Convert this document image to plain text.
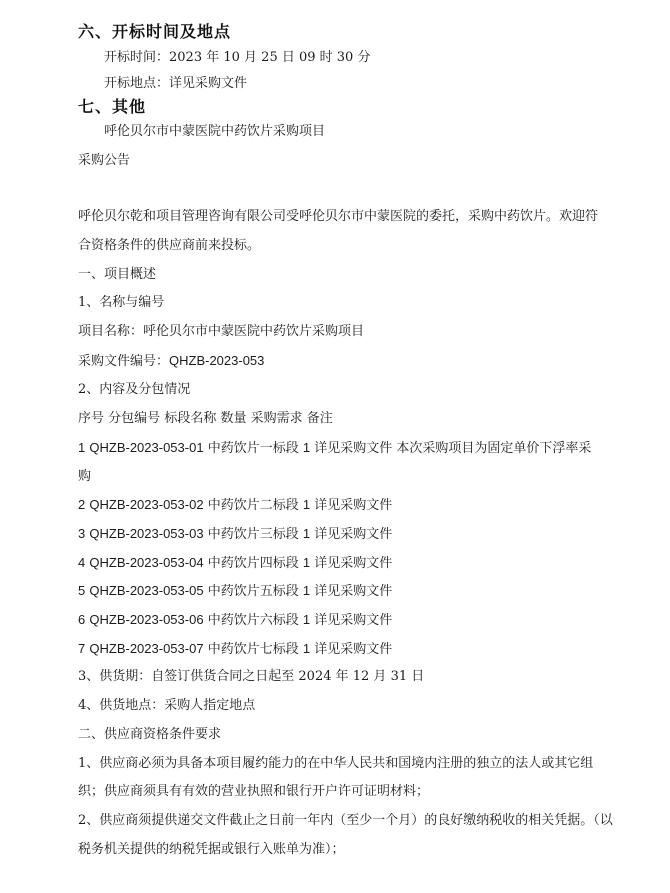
六、开标时间及地点
开标时间：2023 年 10 月 25 日 09 时 30 分
开标地点：详见采购文件
七、其他
呼伦贝尔市中蒙医院中药饮片采购项目
采购公告
呼伦贝尔乾和项目管理咨询有限公司受呼伦贝尔市中蒙医院的委托，采购中药饮片。欢迎符
合资格条件的供应商前来投标。
一、项目概述
1、名称与编号
项目名称：呼伦贝尔市中蒙医院中药饮片采购项目
采购文件编号：QHZB-2023-053
2、内容及分包情况
序号 分包编号 标段名称 数量 采购需求 备注
1 QHZB-2023-053-01 中药饮片一标段 1 详见采购文件 本次采购项目为固定单价下浮率采
购
2 QHZB-2023-053-02 中药饮片二标段 1 详见采购文件
3 QHZB-2023-053-03 中药饮片三标段 1 详见采购文件
4 QHZB-2023-053-04 中药饮片四标段 1 详见采购文件
5 QHZB-2023-053-05 中药饮片五标段 1 详见采购文件
6 QHZB-2023-053-06 中药饮片六标段 1 详见采购文件
7 QHZB-2023-053-07 中药饮片七标段 1 详见采购文件
3、供货期：自签订供货合同之日起至 2024 年 12 月 31 日
4、供货地点：采购人指定地点
二、供应商资格条件要求
1、供应商必须为具备本项目履约能力的在中华人民共和国境内注册的独立的法人或其它组
织；供应商须具有有效的营业执照和银行开户许可证明材料；
2、供应商须提供递交文件截止之日前一年内（至少一个月）的良好缴纳税收的相关凭据。（以
税务机关提供的纳税凭据或银行入账单为准）；
